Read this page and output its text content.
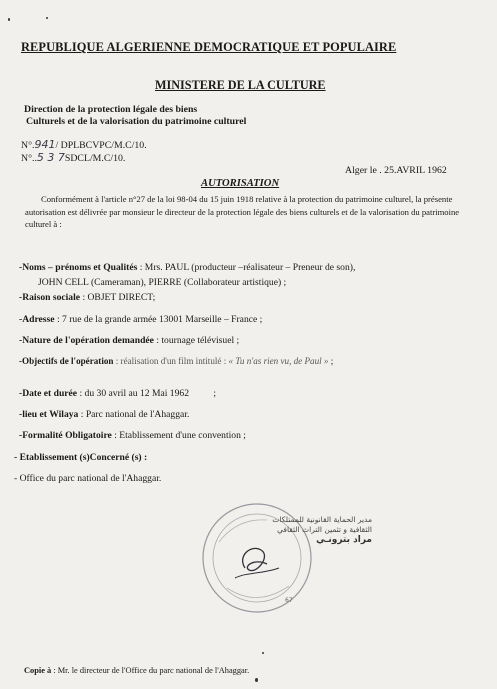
REPUBLIQUE ALGERIENNE DEMOCRATIQUE ET POPULAIRE
MINISTERE DE LA CULTURE
Direction de la protection légale des biens
Culturels et de la valorisation du patrimoine culturel
N°.941/ DPLBCVPC/M.C/10.
N°..5 3 7SDCL/M.C/10.
Alger le . 25.AVRIL 1962
AUTORISATION

Conformément à l'article n°27 de la loi 98-04 du 15 juin 1918 relative à la protection du patrimoine culturel, la présente autorisation est délivrée par monsieur le directeur de la protection légale des biens culturels et de la valorisation du patrimoine culturel à :

-Noms – prénoms et Qualités : Mrs. PAUL (producteur –réalisateur – Preneur de son),
JOHN CELL (Cameraman), PIERRE (Collaborateur artistique) ;
-Raison sociale : OBJET DIRECT;
-Adresse : 7 rue de la grande armée 13001 Marseille – France ;
-Nature de l'opération demandée : tournage télévisuel ;
-Objectifs de l'opération : réalisation d'un film intitulé : « Tu n'as rien vu, de Paul » ;
-Date et durée : du 30 avril au 12 Mai 1962	;
-lieu et Wilaya : Parc national de l'Ahaggar.
-Formalité Obligatoire : Etablissement d'une convention ;
- Etablissement (s)Concerné (s) :
- Office du parc national de l'Ahaggar.
67
مدير الحماية القانونية للممتلكات
الثقافية و تثمين التراث الثقافي
مراد بترونـي
Copie à : Mr. le directeur de l'Office du parc national de l'Ahaggar.
